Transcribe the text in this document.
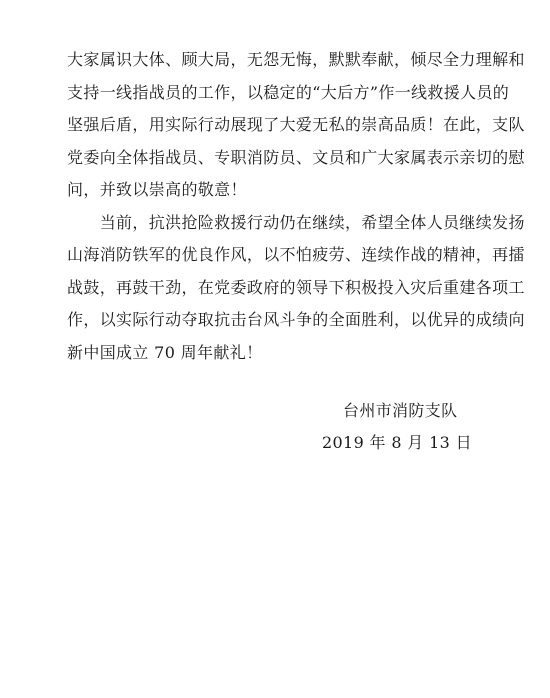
大家属识大体、顾大局，无怨无悔，默默奉献，倾尽全力理解和
支持一线指战员的工作，以稳定的“大后方”作一线救援人员的
坚强后盾，用实际行动展现了大爱无私的崇高品质！在此，支队
党委向全体指战员、专职消防员、文员和广大家属表示亲切的慰
问，并致以崇高的敬意！
　　当前，抗洪抢险救援行动仍在继续，希望全体人员继续发扬
山海消防铁军的优良作风，以不怕疲劳、连续作战的精神，再擂
战鼓，再鼓干劲，在党委政府的领导下积极投入灾后重建各项工
作，以实际行动夺取抗击台风斗争的全面胜利，以优异的成绩向
新中国成立 70 周年献礼！
台州市消防支队
2019 年 8 月 13 日
